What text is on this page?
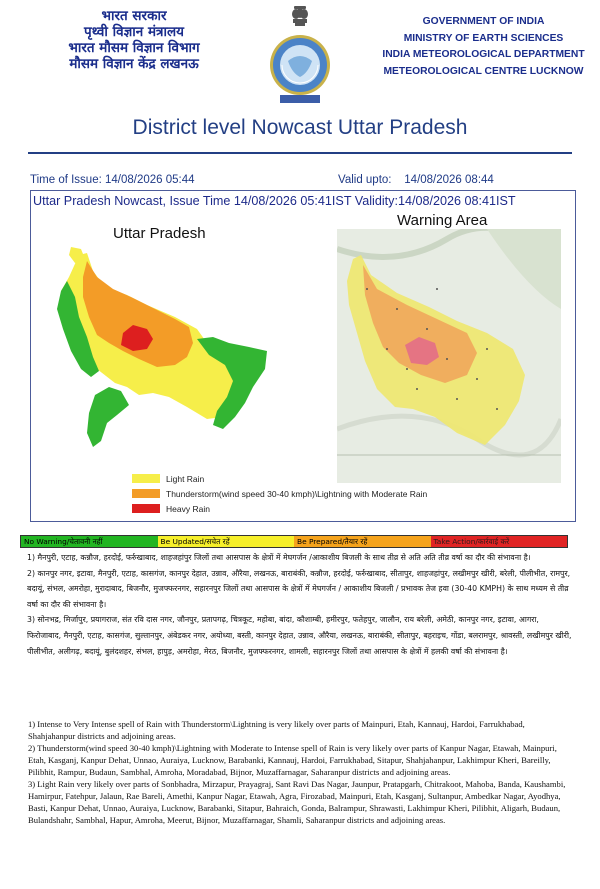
भारत सरकार
पृथ्वी विज्ञान मंत्रालय
भारत मौसम विज्ञान विभाग
मौसम विज्ञान केंद्र लखनऊ
GOVERNMENT OF INDIA
MINISTRY OF EARTH SCIENCES
INDIA METEOROLOGICAL DEPARTMENT
METEOROLOGICAL CENTRE LUCKNOW
District level Nowcast Uttar Pradesh
Time of Issue: 14/08/2026 05:44	Valid upto:    14/08/2026 08:44
Uttar Pradesh Nowcast, Issue Time 14/08/2026 05:41IST Validity:14/08/2026 08:41IST
Uttar Pradesh
Warning Area
Light Rain
Thunderstorm(wind speed 30-40 kmph)\Lightning with Moderate Rain
Heavy Rain
No Warning/चेतावनी नहीं	Be Updated/सचेत रहें	Be Prepared/तैयार रहें	Take Action/कार्रवाई करें
1) मैनपुरी, एटाह, कन्नौज, हरदोई, फर्रुखाबाद, शाहजहांपुर जिलों तथा आसपास के क्षेत्रों में मेघगर्जन /आकाशीय बिजली के साथ तीव्र से अति अति तीव्र वर्षा का दौर की संभावना है।
2) कानपुर नगर, इटावा, मैनपुरी, एटाह, कासगंज, कानपुर देहात, उन्नाव, औरैया, लखनऊ, बाराबंकी, कन्नौज, हरदोई, फर्रुखाबाद, सीतापुर, शाहजहांपुर, लखीमपुर खीरी, बरेली, पीलीभीत, रामपुर, बदायूं, संभल, अमरोहा, मुरादाबाद, बिजनौर, मुजफ्फरनगर, सहारनपुर जिलों तथा आसपास के क्षेत्रों में मेघगर्जन / आकाशीय बिजली / प्रभावक तेज हवा (30-40 KMPH) के साथ मध्यम से तीव्र वर्षा का दौर की संभावना है।
3) सोनभद्र, मिर्जापुर, प्रयागराज, संत रवि दास नगर, जौनपुर, प्रतापगढ़, चित्रकूट, महोबा, बांदा, कौशाम्बी, हमीरपुर, फतेहपुर, जालौन, राय बरेली, अमेठी, कानपुर नगर, इटावा, आगरा, फिरोजाबाद, मैनपुरी, एटाह, कासगंज, सुल्तानपुर, अंबेडकर नगर, अयोध्या, बस्ती, कानपुर देहात, उन्नाव, औरैया, लखनऊ, बाराबंकी, सीतापुर, बहराइच, गोंडा, बलरामपुर, श्रावस्ती, लखीमपुर खीरी, पीलीभीत, अलीगढ़, बदायूं, बुलंदशहर, संभल, हापुड़, अमरोहा, मेरठ, बिजनौर, मुजफ्फरनगर, शामली, सहारनपुर जिलों तथा आसपास के क्षेत्रों में हलकी वर्षा की संभावना है।
1) Intense to Very Intense spell of Rain with Thunderstorm\Lightning is very likely over parts of Mainpuri, Etah, Kannauj, Hardoi, Farrukhabad, Shahjahanpur districts and adjoining areas.
2) Thunderstorm(wind speed 30-40 kmph)\Lightning with Moderate to Intense spell of Rain is very likely over parts of Kanpur Nagar, Etawah, Mainpuri, Etah, Kasganj, Kanpur Dehat, Unnao, Auraiya, Lucknow, Barabanki, Kannauj, Hardoi, Farrukhabad, Sitapur, Shahjahanpur, Lakhimpur Kheri, Bareilly, Pilibhit, Rampur, Budaun, Sambhal, Amroha, Moradabad, Bijnor, Muzaffarnagar, Saharanpur districts and adjoining areas.
3) Light Rain very likely over parts of Sonbhadra, Mirzapur, Prayagraj, Sant Ravi Das Nagar, Jaunpur, Pratapgarh, Chitrakoot, Mahoba, Banda, Kaushambi, Hamirpur, Fatehpur, Jalaun, Rae Bareli, Amethi, Kanpur Nagar, Etawah, Agra, Firozabad, Mainpuri, Etah, Kasganj, Sultanpur, Ambedkar Nagar, Ayodhya, Basti, Kanpur Dehat, Unnao, Auraiya, Lucknow, Barabanki, Sitapur, Bahraich, Gonda, Balrampur, Shrawasti, Lakhimpur Kheri, Pilibhit, Aligarh, Budaun, Bulandshahr, Sambhal, Hapur, Amroha, Meerut, Bijnor, Muzaffarnagar, Shamli, Saharanpur districts and adjoining areas.
